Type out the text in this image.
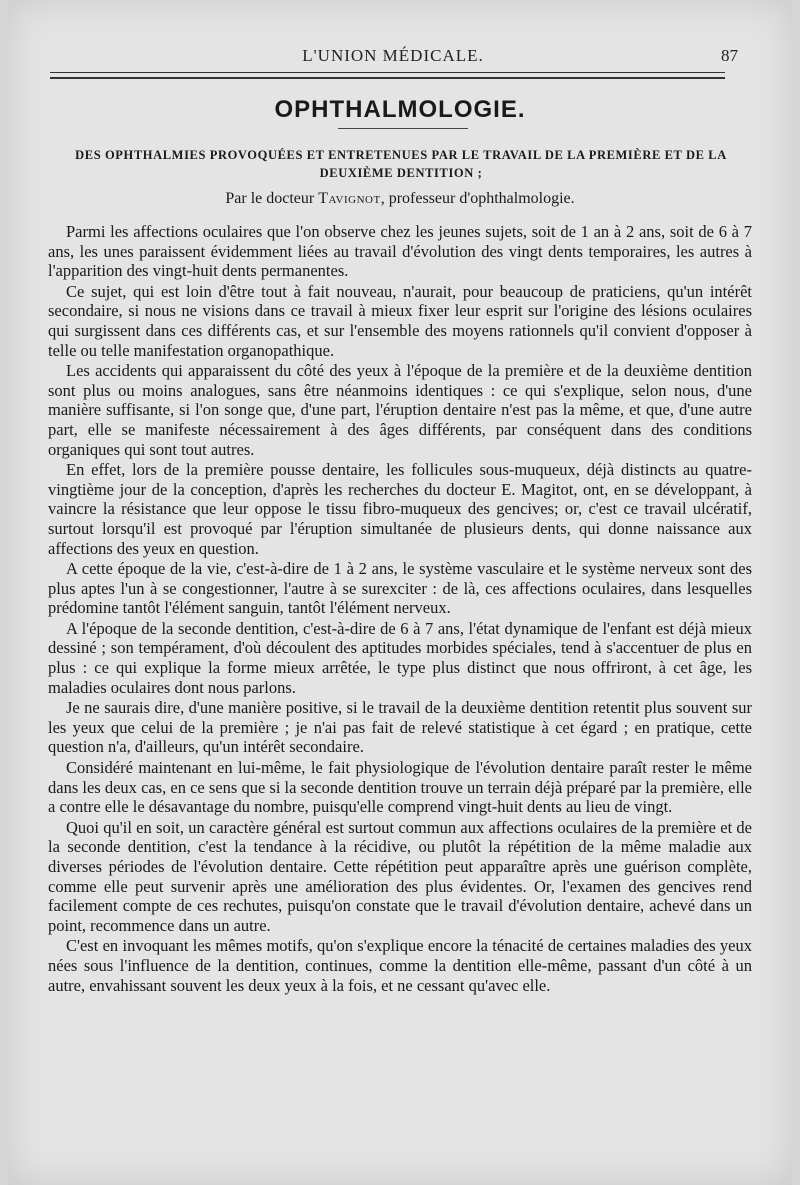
L'UNION MÉDICALE.	87
OPHTHALMOLOGIE.
DES OPHTHALMIES PROVOQUÉES ET ENTRETENUES PAR LE TRAVAIL DE LA PREMIÈRE ET DE LA DEUXIÈME DENTITION ;
Par le docteur Tavignot, professeur d'ophthalmologie.

Parmi les affections oculaires que l'on observe chez les jeunes sujets, soit de 1 an à 2 ans, soit de 6 à 7 ans, les unes paraissent évidemment liées au travail d'évolution des vingt dents temporaires, les autres à l'apparition des vingt-huit dents permanentes.

Ce sujet, qui est loin d'être tout à fait nouveau, n'aurait, pour beaucoup de praticiens, qu'un intérêt secondaire, si nous ne visions dans ce travail à mieux fixer leur esprit sur l'origine des lésions oculaires qui surgissent dans ces différents cas, et sur l'ensemble des moyens rationnels qu'il convient d'opposer à telle ou telle manifestation organopathique.

Les accidents qui apparaissent du côté des yeux à l'époque de la première et de la deuxième dentition sont plus ou moins analogues, sans être néanmoins identiques : ce qui s'explique, selon nous, d'une manière suffisante, si l'on songe que, d'une part, l'éruption dentaire n'est pas la même, et que, d'une autre part, elle se manifeste nécessairement à des âges différents, par conséquent dans des conditions organiques qui sont tout autres.

En effet, lors de la première pousse dentaire, les follicules sous-muqueux, déjà distincts au quatre-vingtième jour de la conception, d'après les recherches du docteur E. Magitot, ont, en se développant, à vaincre la résistance que leur oppose le tissu fibro-muqueux des gencives; or, c'est ce travail ulcératif, surtout lorsqu'il est provoqué par l'éruption simultanée de plusieurs dents, qui donne naissance aux affections des yeux en question.

A cette époque de la vie, c'est-à-dire de 1 à 2 ans, le système vasculaire et le système nerveux sont des plus aptes l'un à se congestionner, l'autre à se surexciter : de là, ces affections oculaires, dans lesquelles prédomine tantôt l'élément sanguin, tantôt l'élément nerveux.

A l'époque de la seconde dentition, c'est-à-dire de 6 à 7 ans, l'état dynamique de l'enfant est déjà mieux dessiné ; son tempérament, d'où découlent des aptitudes morbides spéciales, tend à s'accentuer de plus en plus : ce qui explique la forme mieux arrêtée, le type plus distinct que nous offriront, à cet âge, les maladies oculaires dont nous parlons.

Je ne saurais dire, d'une manière positive, si le travail de la deuxième dentition retentit plus souvent sur les yeux que celui de la première ; je n'ai pas fait de relevé statistique à cet égard ; en pratique, cette question n'a, d'ailleurs, qu'un intérêt secondaire.

Considéré maintenant en lui-même, le fait physiologique de l'évolution dentaire paraît rester le même dans les deux cas, en ce sens que si la seconde dentition trouve un terrain déjà préparé par la première, elle a contre elle le désavantage du nombre, puisqu'elle comprend vingt-huit dents au lieu de vingt.

Quoi qu'il en soit, un caractère général est surtout commun aux affections oculaires de la première et de la seconde dentition, c'est la tendance à la récidive, ou plutôt la répétition de la même maladie aux diverses périodes de l'évolution dentaire. Cette répétition peut apparaître après une guérison complète, comme elle peut survenir après une amélioration des plus évidentes. Or, l'examen des gencives rend facilement compte de ces rechutes, puisqu'on constate que le travail d'évolution dentaire, achevé dans un point, recommence dans un autre.

C'est en invoquant les mêmes motifs, qu'on s'explique encore la ténacité de certaines maladies des yeux nées sous l'influence de la dentition, continues, comme la dentition elle-même, passant d'un côté à un autre, envahissant souvent les deux yeux à la fois, et ne cessant qu'avec elle.
